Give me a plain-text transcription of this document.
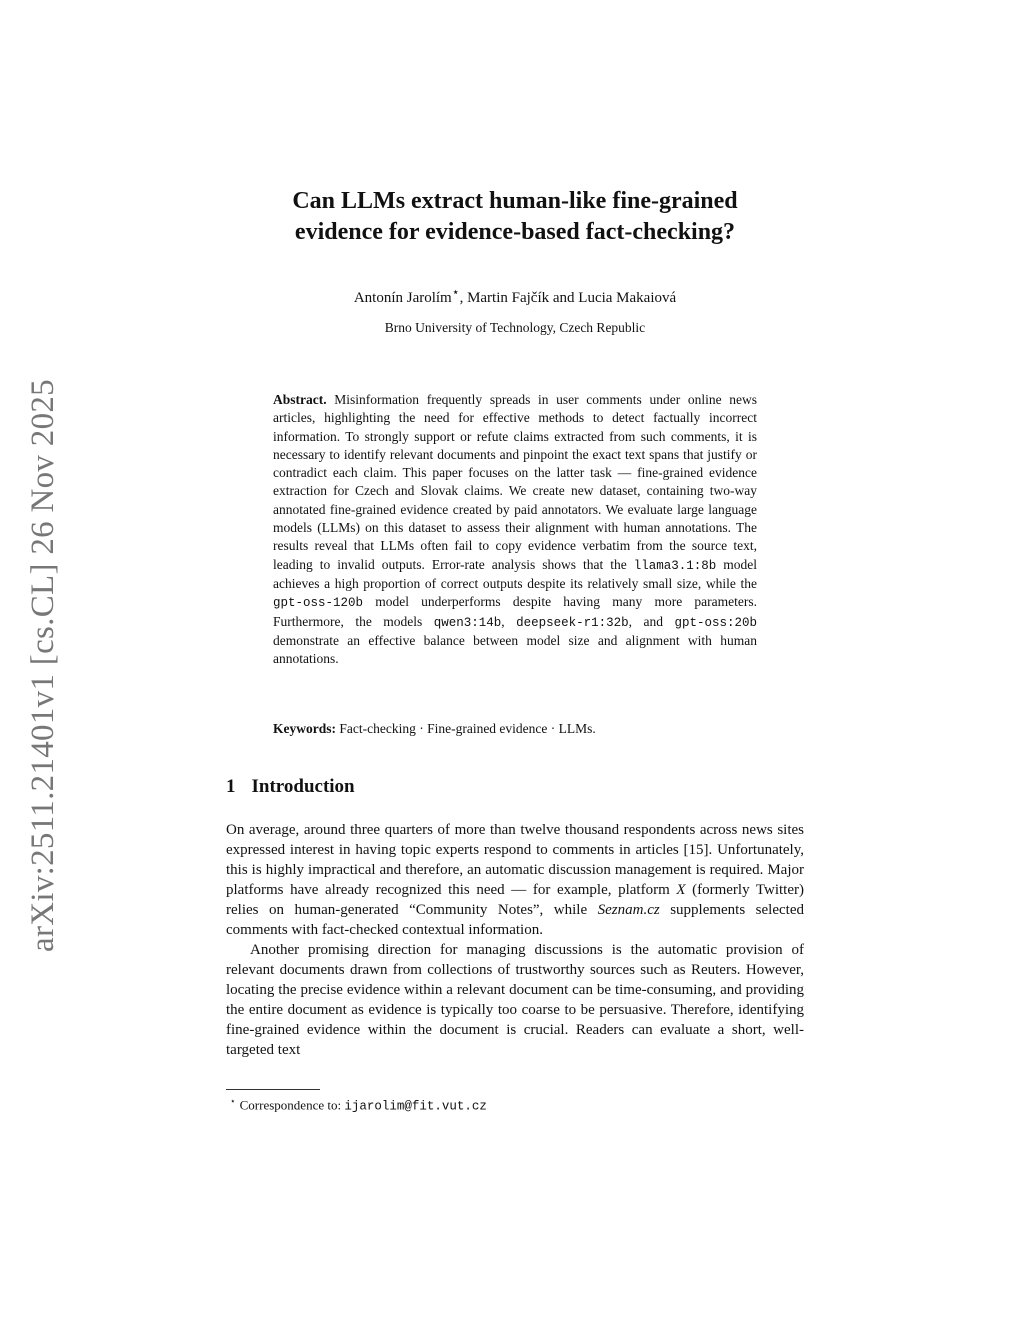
arXiv:2511.21401v1 [cs.CL] 26 Nov 2025
Can LLMs extract human-like fine-grained
evidence for evidence-based fact-checking?
Antonín Jarolím⋆, Martin Fajčík and Lucia Makaiová
Brno University of Technology, Czech Republic
Abstract. Misinformation frequently spreads in user comments under online news articles, highlighting the need for effective methods to detect factually incorrect information. To strongly support or refute claims extracted from such comments, it is necessary to identify relevant documents and pinpoint the exact text spans that justify or contradict each claim. This paper focuses on the latter task — fine-grained evidence extraction for Czech and Slovak claims. We create new dataset, containing two-way annotated fine-grained evidence created by paid annotators. We evaluate large language models (LLMs) on this dataset to assess their alignment with human annotations. The results reveal that LLMs often fail to copy evidence verbatim from the source text, leading to invalid outputs. Error-rate analysis shows that the llama3.1:8b model achieves a high proportion of correct outputs despite its relatively small size, while the gpt-oss-120b model underperforms despite having many more parameters. Furthermore, the models qwen3:14b, deepseek-r1:32b, and gpt-oss:20b demonstrate an effective balance between model size and alignment with human annotations.
Keywords: Fact-checking · Fine-grained evidence · LLMs.
1 Introduction

On average, around three quarters of more than twelve thousand respondents across news sites expressed interest in having topic experts respond to comments in articles [15]. Unfortunately, this is highly impractical and therefore, an automatic discussion management is required. Major platforms have already recognized this need — for example, platform X (formerly Twitter) relies on human-generated “Community Notes”, while Seznam.cz supplements selected comments with fact-checked contextual information.

Another promising direction for managing discussions is the automatic provision of relevant documents drawn from collections of trustworthy sources such as Reuters. However, locating the precise evidence within a relevant document can be time-consuming, and providing the entire document as evidence is typically too coarse to be persuasive. Therefore, identifying fine-grained evidence within the document is crucial. Readers can evaluate a short, well-targeted text

⋆ Correspondence to: ijarolim@fit.vut.cz
